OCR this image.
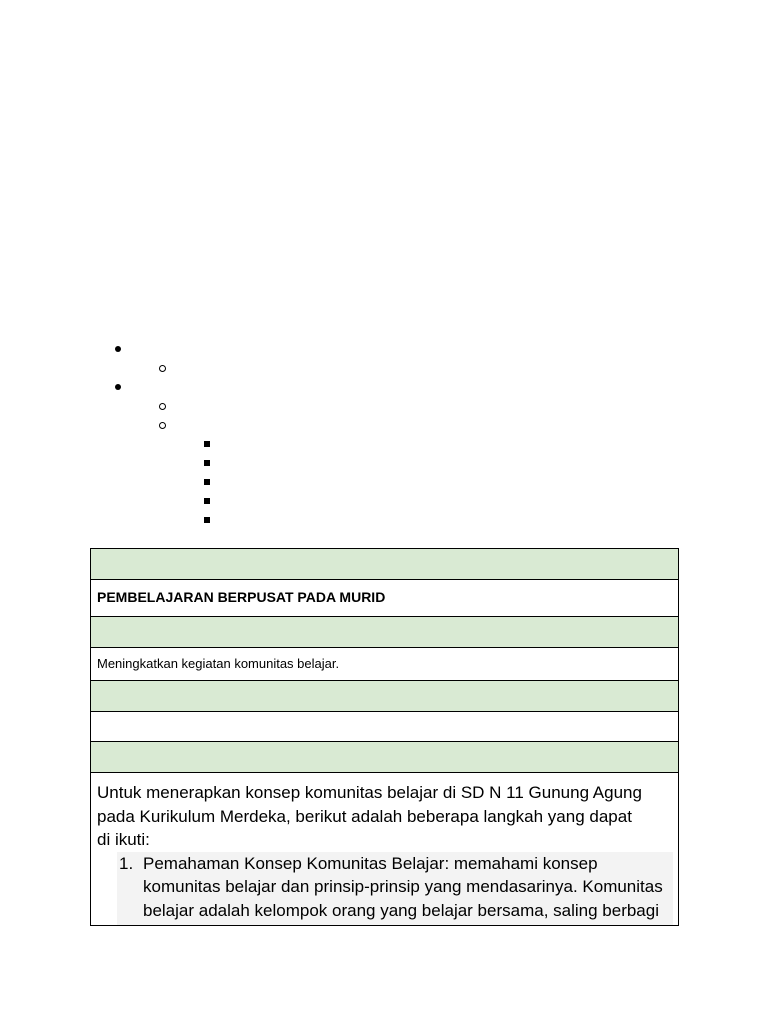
PEMBELAJARAN BERPUSAT PADA MURID

Meningkatkan kegiatan komunitas belajar.

Untuk menerapkan konsep komunitas belajar di SD N 11 Gunung Agung pada Kurikulum Merdeka, berikut adalah beberapa langkah yang dapat di ikuti:
1. Pemahaman Konsep Komunitas Belajar: memahami konsep komunitas belajar dan prinsip-prinsip yang mendasarinya. Komunitas belajar adalah kelompok orang yang belajar bersama, saling berbagi
